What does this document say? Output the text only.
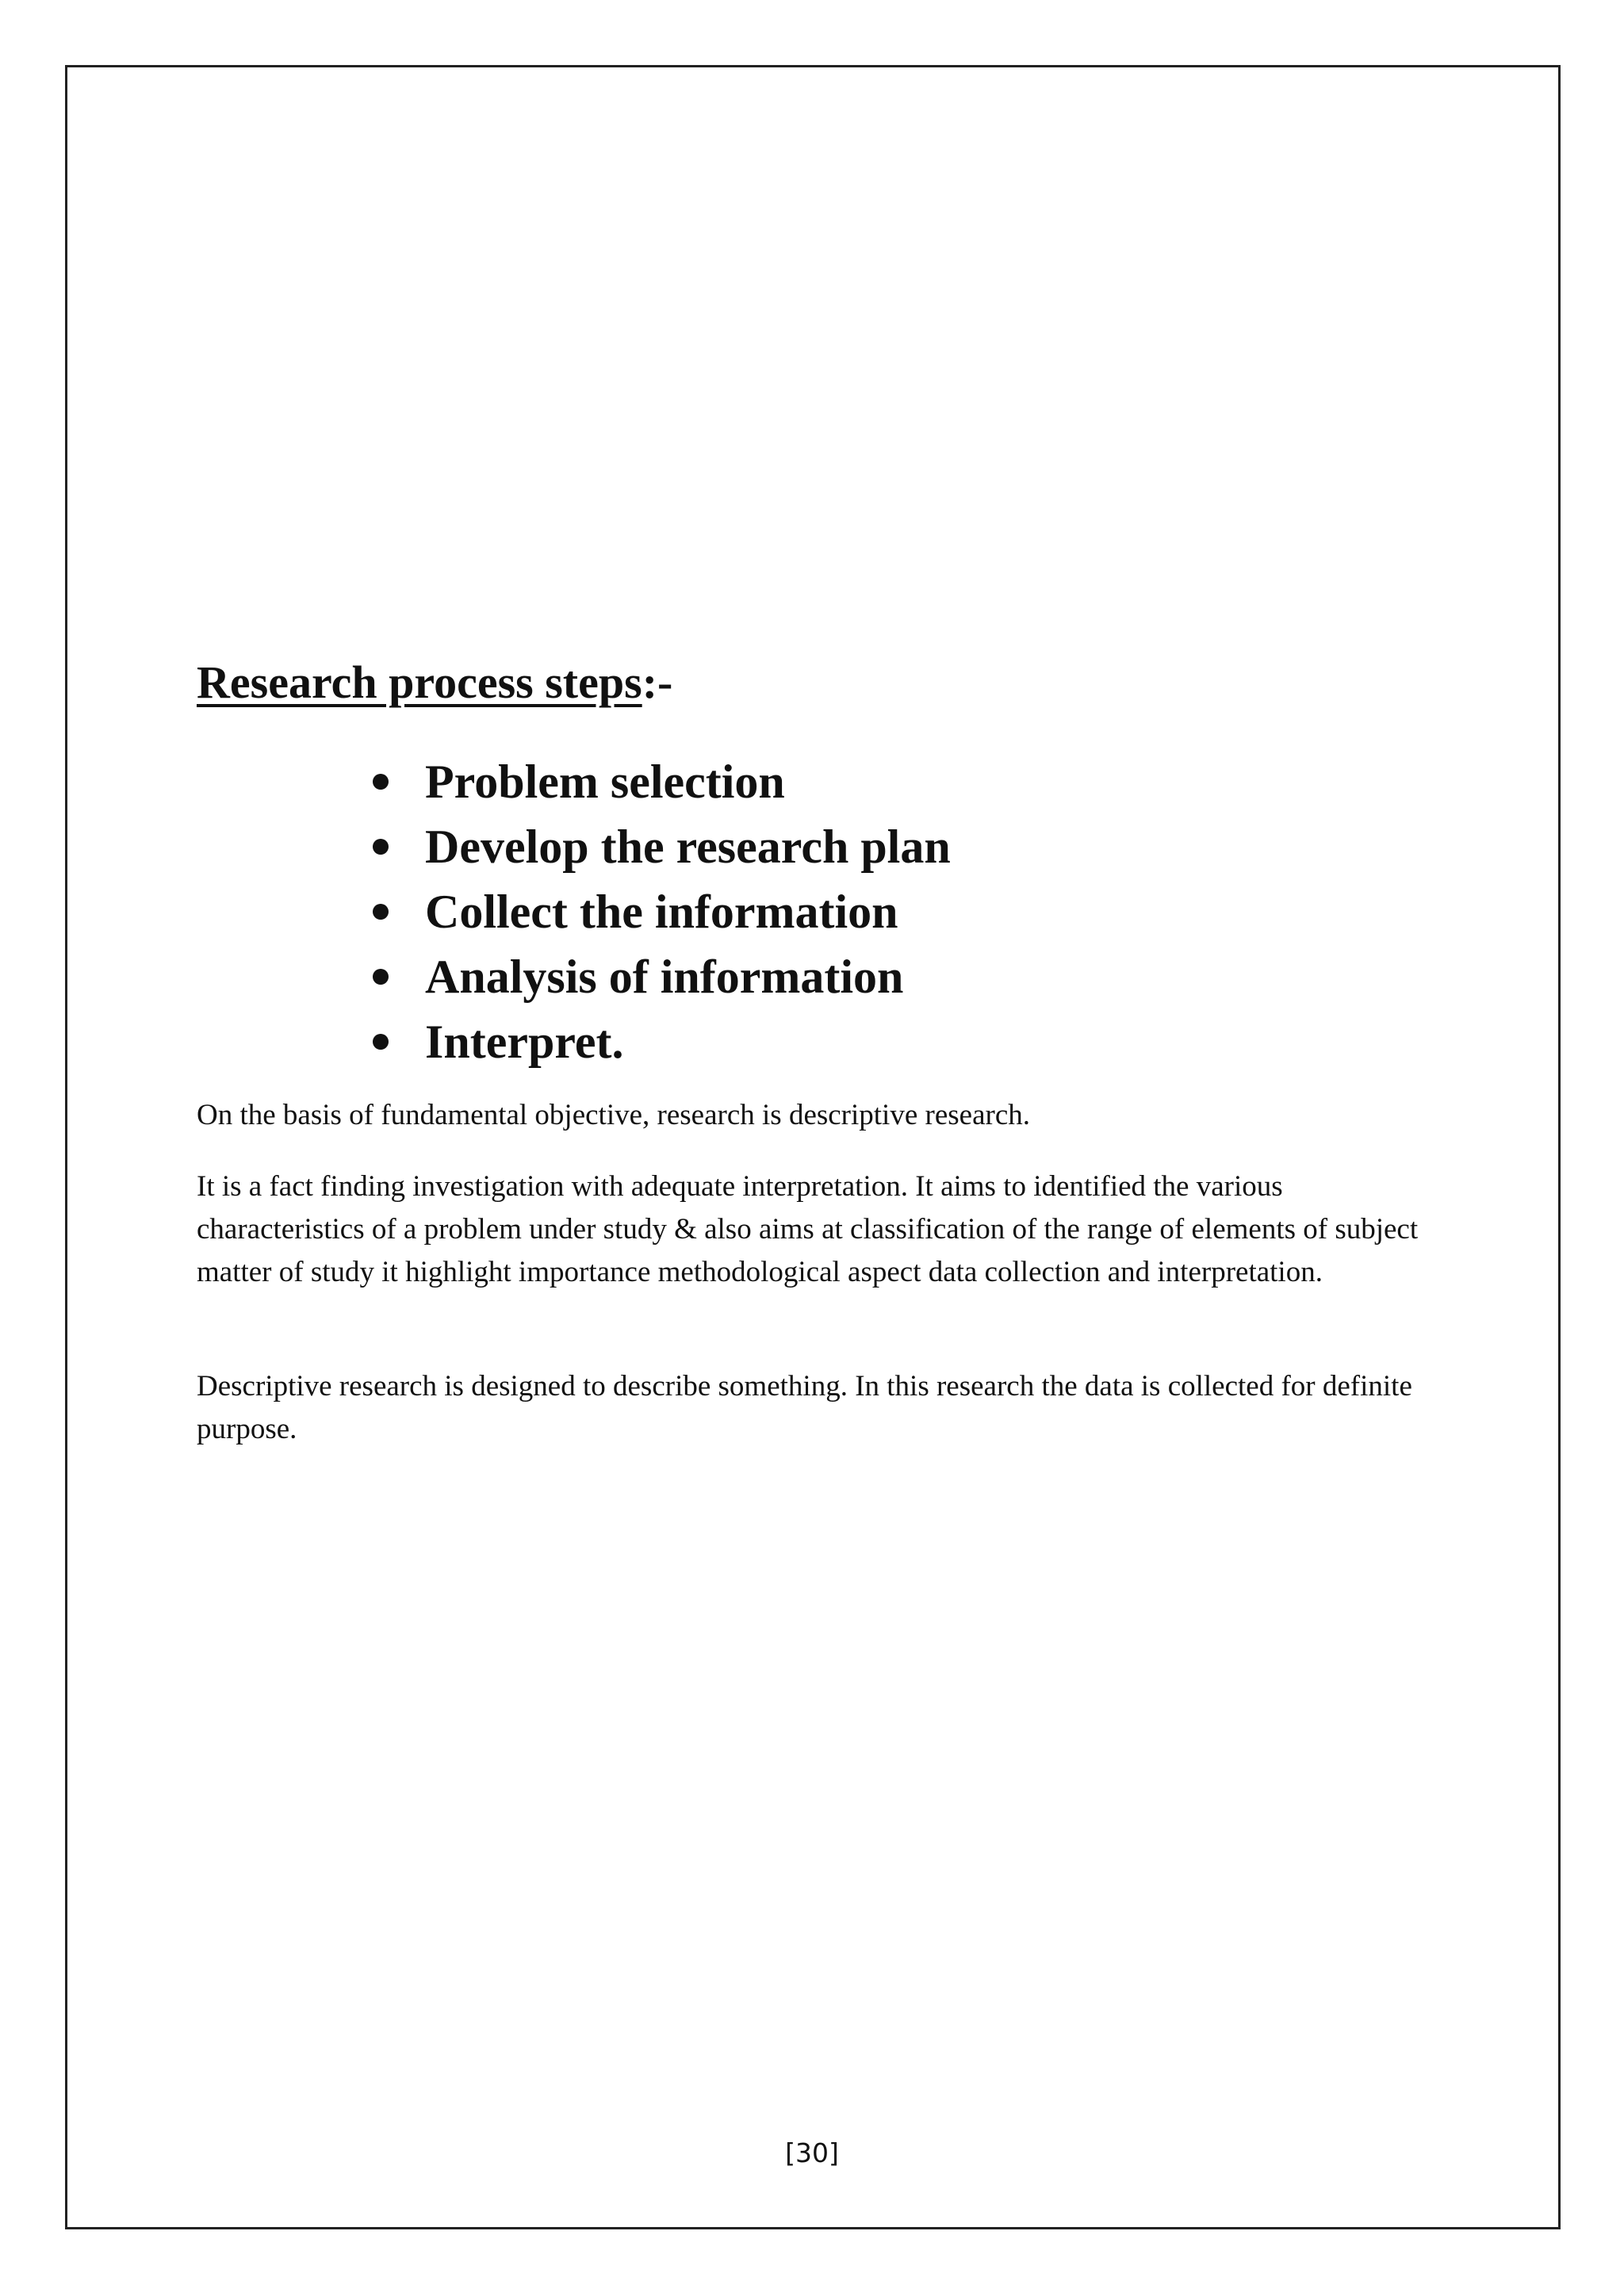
Research process steps:-
Problem selection
Develop the research plan
Collect the information
Analysis of information
Interpret.

On the basis of fundamental objective, research is descriptive research.

It is a fact finding investigation with adequate interpretation. It aims to identified the various characteristics of a problem under study & also aims at classification of the range of elements of subject matter of study it highlight importance methodological aspect data collection and interpretation.

Descriptive research is designed to describe something. In this research the data is collected for definite purpose.

[30]
